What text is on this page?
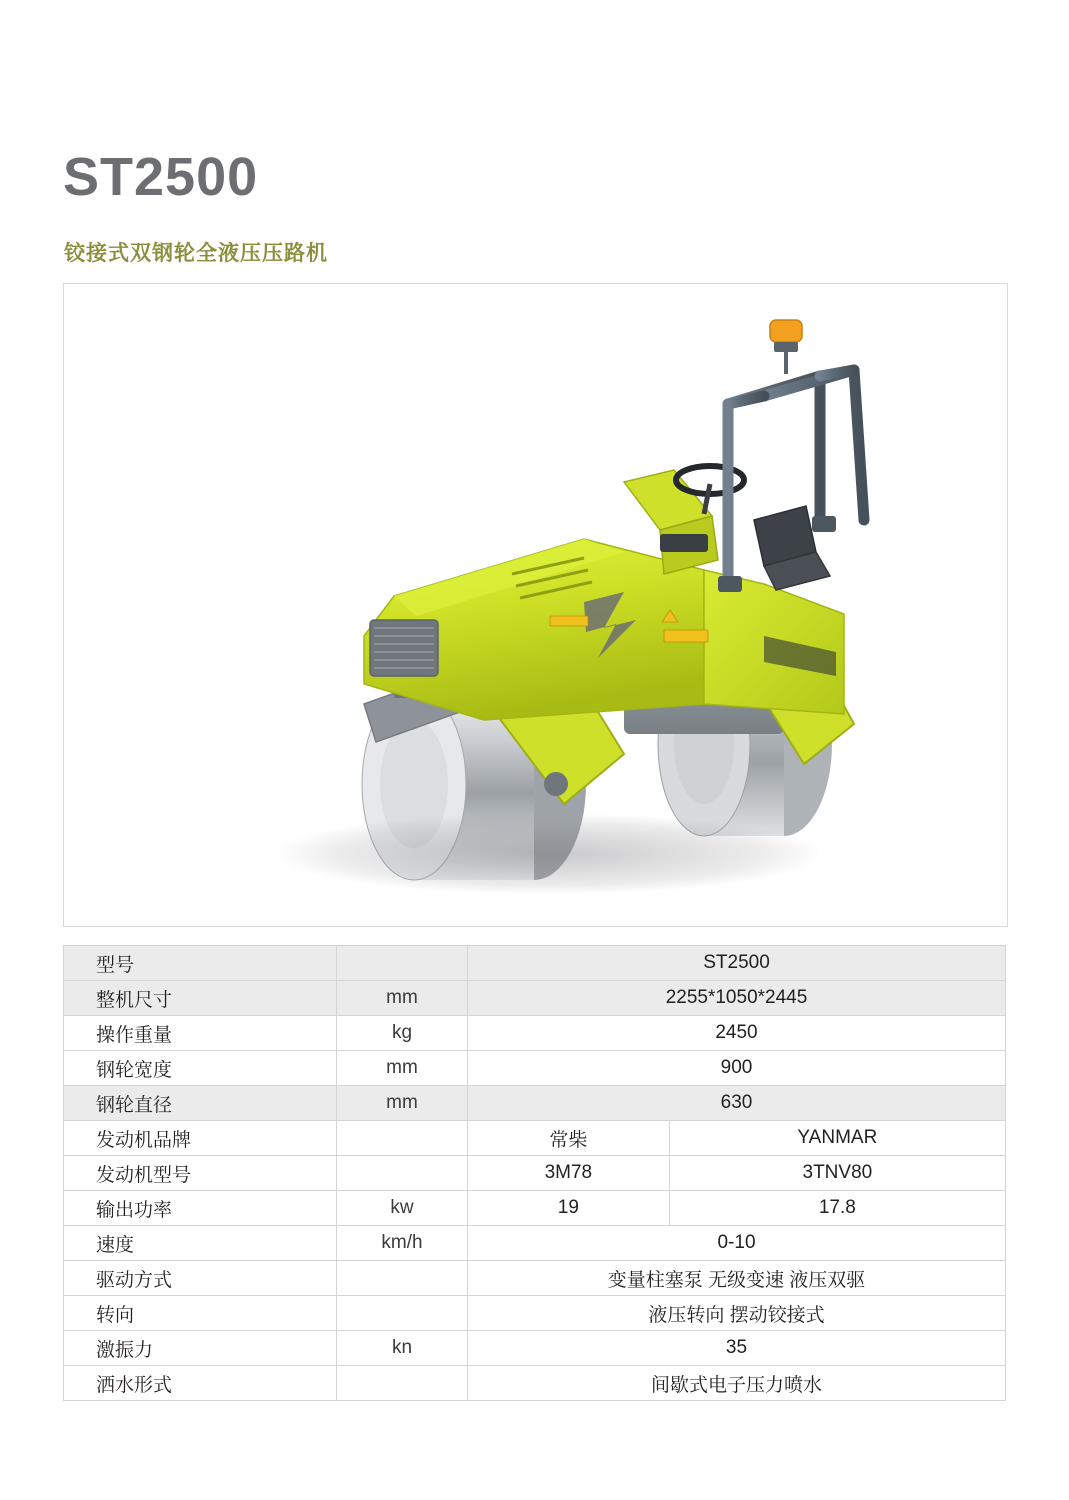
ST2500
铰接式双钢轮全液压压路机
型号		ST2500	
整机尺寸	mm	2255*1050*2445	
操作重量	kg	2450	
钢轮宽度	mm	900	
钢轮直径	mm	630	
发动机品牌		常柴	YANMAR
发动机型号		3M78	3TNV80
输出功率	kw	19	17.8
速度	km/h	0-10	
驱动方式		变量柱塞泵 无级变速 液压双驱	
转向		液压转向 摆动铰接式	
激振力	kn	35	
洒水形式		间歇式电子压力喷水	
